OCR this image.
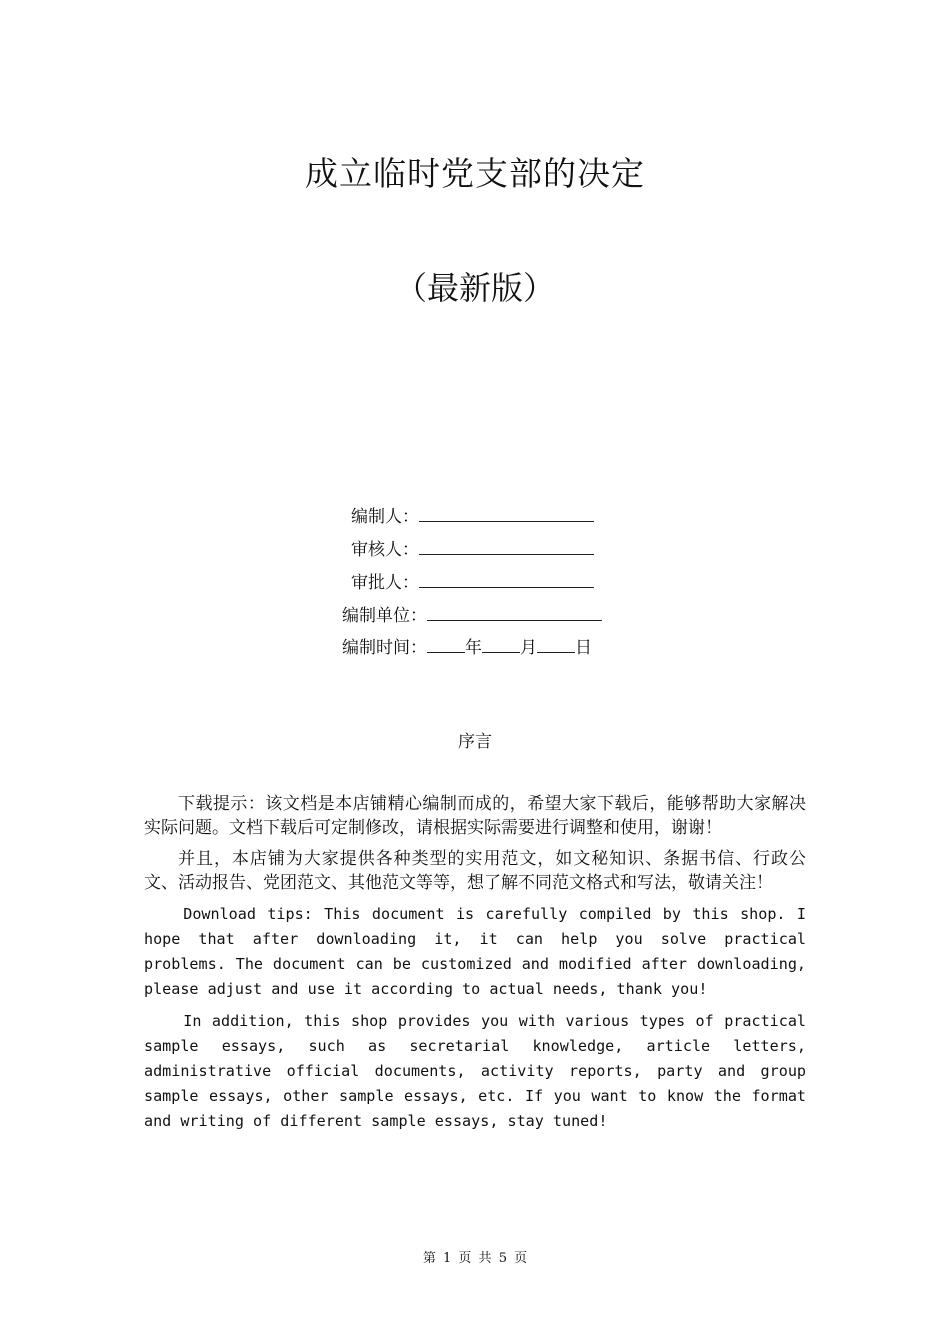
成立临时党支部的决定
（最新版）
编制人：
审核人：
审批人：
编制单位：
编制时间： 年 月 日
序言

下载提示：该文档是本店铺精心编制而成的，希望大家下载后，能够帮助大家解决实际问题。文档下载后可定制修改，请根据实际需要进行调整和使用，谢谢！

并且，本店铺为大家提供各种类型的实用范文，如文秘知识、条据书信、行政公文、活动报告、党团范文、其他范文等等，想了解不同范文格式和写法，敬请关注！

Download tips: This document is carefully compiled by this shop. I hope that after downloading it, it can help you solve practical problems. The document can be customized and modified after downloading, please adjust and use it according to actual needs, thank you!

In addition, this shop provides you with various types of practical sample essays, such as secretarial knowledge, article letters, administrative official documents, activity reports, party and group sample essays, other sample essays, etc. If you want to know the format and writing of different sample essays, stay tuned!

第 1 页 共 5 页
